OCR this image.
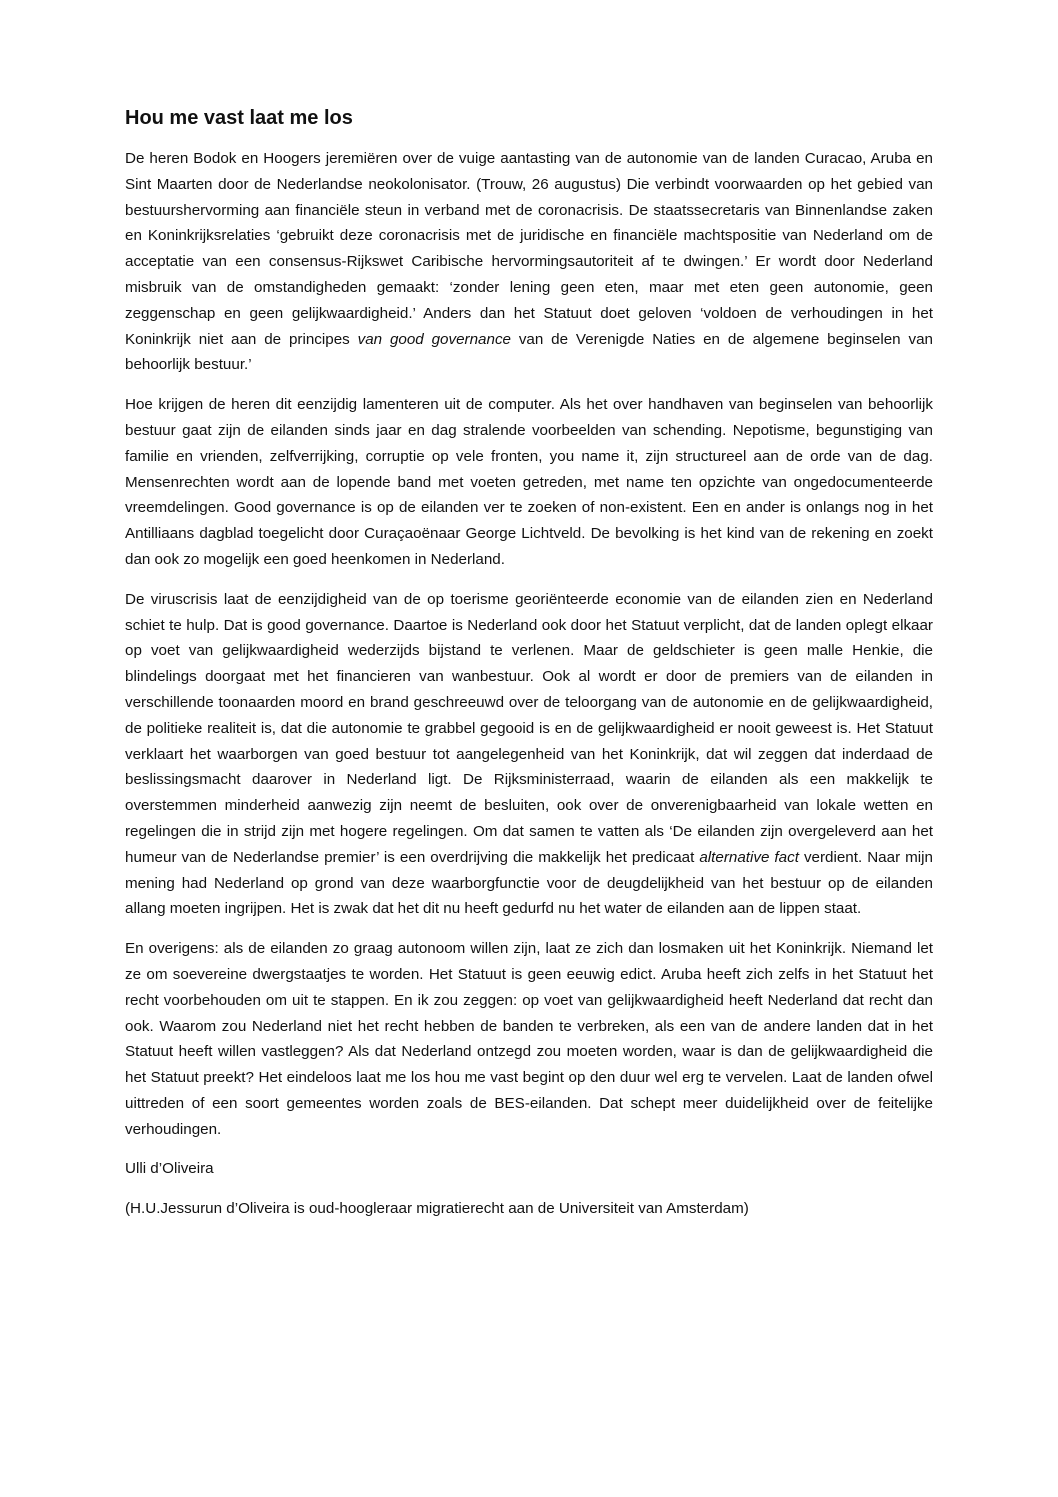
Hou me vast laat me los

De heren Bodok en Hoogers jeremiëren over de vuige aantasting van de autonomie van de landen Curacao, Aruba en Sint Maarten door de Nederlandse neokolonisator. (Trouw, 26 augustus) Die verbindt voorwaarden op het gebied van bestuurshervorming aan financiële steun in verband met de coronacrisis. De staatssecretaris van Binnenlandse zaken en Koninkrijksrelaties ‘gebruikt deze coronacrisis met de juridische en financiële machtspositie van Nederland om de acceptatie van een consensus-Rijkswet Caribische hervormingsautoriteit af te dwingen.’ Er wordt door Nederland misbruik van de omstandigheden gemaakt: ‘zonder lening geen eten, maar met eten geen autonomie, geen zeggenschap en geen gelijkwaardigheid.’ Anders dan het Statuut doet geloven ‘voldoen de verhoudingen in het Koninkrijk niet aan de principes van good governance van de Verenigde Naties en de algemene beginselen van behoorlijk bestuur.’

Hoe krijgen de heren dit eenzijdig lamenteren uit de computer. Als het over handhaven van beginselen van behoorlijk bestuur gaat zijn de eilanden sinds jaar en dag stralende voorbeelden van schending. Nepotisme, begunstiging van familie en vrienden, zelfverrijking, corruptie op vele fronten, you name it, zijn structureel aan de orde van de dag. Mensenrechten wordt aan de lopende band met voeten getreden, met name ten opzichte van ongedocumenteerde vreemdelingen. Good governance is op de eilanden ver te zoeken of non-existent. Een en ander is onlangs nog in het Antilliaans dagblad toegelicht door Curaçaoënaar George Lichtveld. De bevolking is het kind van de rekening en zoekt dan ook zo mogelijk een goed heenkomen in Nederland.

De viruscrisis laat de eenzijdigheid van de op toerisme georiënteerde economie van de eilanden zien en Nederland schiet te hulp. Dat is good governance. Daartoe is Nederland ook door het Statuut verplicht, dat de landen oplegt elkaar op voet van gelijkwaardigheid wederzijds bijstand te verlenen. Maar de geldschieter is geen malle Henkie, die blindelings doorgaat met het financieren van wanbestuur. Ook al wordt er door de premiers van de eilanden in verschillende toonaarden moord en brand geschreeuwd over de teloorgang van de autonomie en de gelijkwaardigheid, de politieke realiteit is, dat die autonomie te grabbel gegooid is en de gelijkwaardigheid er nooit geweest is. Het Statuut verklaart het waarborgen van goed bestuur tot aangelegenheid van het Koninkrijk, dat wil zeggen dat inderdaad de beslissingsmacht daarover in Nederland ligt. De Rijksministerraad, waarin de eilanden als een makkelijk te overstemmen minderheid aanwezig zijn neemt de besluiten, ook over de onverenigbaarheid van lokale wetten en regelingen die in strijd zijn met hogere regelingen. Om dat samen te vatten als ‘De eilanden zijn overgeleverd aan het humeur van de Nederlandse premier’ is een overdrijving die makkelijk het predicaat alternative fact verdient. Naar mijn mening had Nederland op grond van deze waarborgfunctie voor de deugdelijkheid van het bestuur op de eilanden allang moeten ingrijpen. Het is zwak dat het dit nu heeft gedurfd nu het water de eilanden aan de lippen staat.

En overigens: als de eilanden zo graag autonoom willen zijn, laat ze zich dan losmaken uit het Koninkrijk. Niemand let ze om soevereine dwergstaatjes te worden. Het Statuut is geen eeuwig edict. Aruba heeft zich zelfs in het Statuut het recht voorbehouden om uit te stappen. En ik zou zeggen: op voet van gelijkwaardigheid heeft Nederland dat recht dan ook. Waarom zou Nederland niet het recht hebben de banden te verbreken, als een van de andere landen dat in het Statuut heeft willen vastleggen? Als dat Nederland ontzegd zou moeten worden, waar is dan de gelijkwaardigheid die het Statuut preekt? Het eindeloos laat me los hou me vast begint op den duur wel erg te vervelen. Laat de landen ofwel uittreden of een soort gemeentes worden zoals de BES-eilanden. Dat schept meer duidelijkheid over de feitelijke verhoudingen.

Ulli d’Oliveira

(H.U.Jessurun d’Oliveira is oud-hoogleraar migratierecht aan de Universiteit van Amsterdam)
